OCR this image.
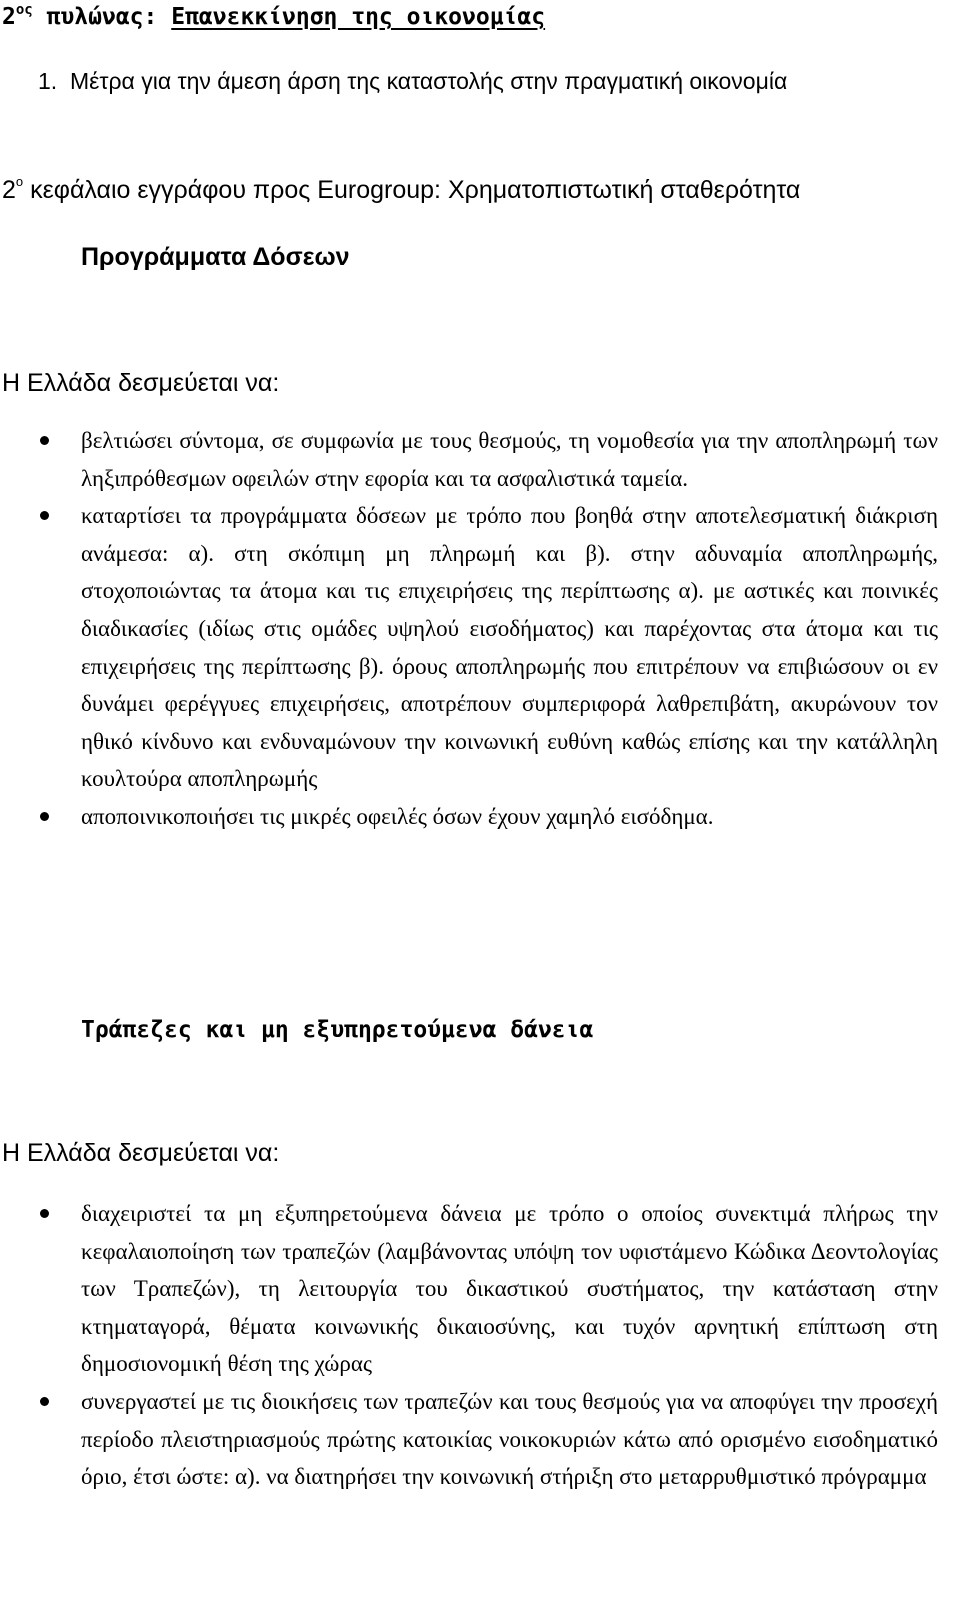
$2^{o\varsigma}$ πυλώνας: Επανεκκίνηση της οικονομίας
1. Μέτρα για την άμεση άρση της καταστολής στην πραγματική οικονομία
$2^o$ κεφάλαιο εγγράφου προς Eurogroup: Χρηματοπιστωτική σταθερότητα
Προγράμματα Δόσεων
Η Ελλάδα δεσμεύεται να:
βελτιώσει σύντομα, σε συμφωνία με τους θεσμούς, τη νομοθεσία για την αποπληρωμή των ληξιπρόθεσμων οφειλών στην εφορία και τα ασφαλιστικά ταμεία.
καταρτίσει τα προγράμματα δόσεων με τρόπο που βοηθά στην αποτελεσματική διάκριση ανάμεσα: α). στη σκόπιμη μη πληρωμή και β). στην αδυναμία αποπληρωμής, στοχοποιώντας τα άτομα και τις επιχειρήσεις της περίπτωσης α). με αστικές και ποινικές διαδικασίες (ιδίως στις ομάδες υψηλού εισοδήματος) και παρέχοντας στα άτομα και τις επιχειρήσεις της περίπτωσης β). όρους αποπληρωμής που επιτρέπουν να επιβιώσουν οι εν δυνάμει φερέγγυες επιχειρήσεις, αποτρέπουν συμπεριφορά λαθρεπιβάτη, ακυρώνουν τον ηθικό κίνδυνο και ενδυναμώνουν την κοινωνική ευθύνη καθώς επίσης και την κατάλληλη κουλτούρα αποπληρωμής
αποποινικοποιήσει τις μικρές οφειλές όσων έχουν χαμηλό εισόδημα.
Τράπεζες και μη εξυπηρετούμενα δάνεια
Η Ελλάδα δεσμεύεται να:
διαχειριστεί τα μη εξυπηρετούμενα δάνεια με τρόπο ο οποίος συνεκτιμά πλήρως την κεφαλαιοποίηση των τραπεζών (λαμβάνοντας υπόψη τον υφιστάμενο Κώδικα Δεοντολογίας των Τραπεζών), τη λειτουργία του δικαστικού συστήματος, την κατάσταση στην κτηματαγορά, θέματα κοινωνικής δικαιοσύνης, και τυχόν αρνητική επίπτωση στη δημοσιονομική θέση της χώρας
συνεργαστεί με τις διοικήσεις των τραπεζών και τους θεσμούς για να αποφύγει την προσεχή περίοδο πλειστηριασμούς πρώτης κατοικίας νοικοκυριών κάτω από ορισμένο εισοδηματικό όριο, έτσι ώστε: α). να διατηρήσει την κοινωνική στήριξη στο μεταρρυθμιστικό πρόγραμμα
